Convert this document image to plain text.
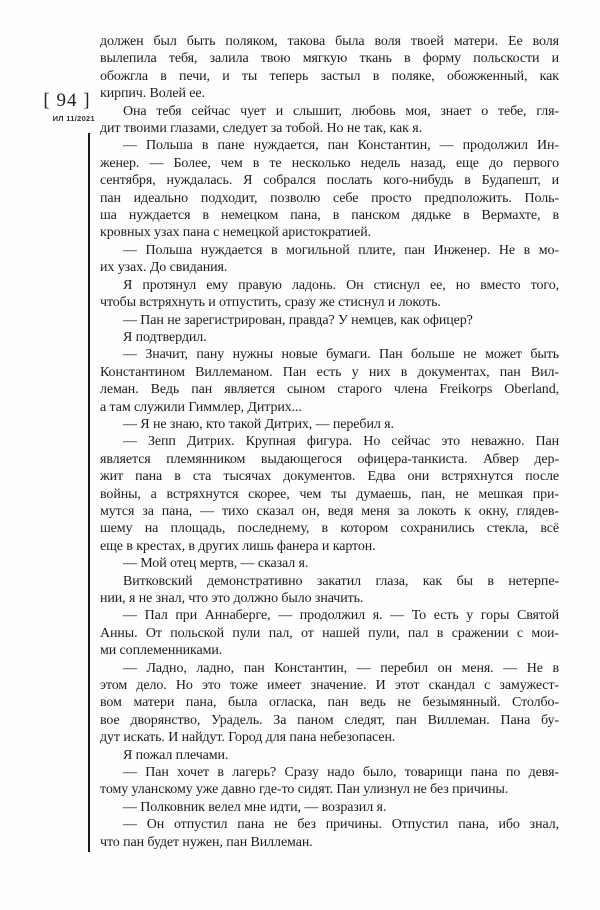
[ 94 ]
ИЛ 11/2021
должен был быть поляком, такова была воля твоей матери. Ее воля
вылепила тебя, залила твою мягкую ткань в форму польскости и
обожгла в печи, и ты теперь застыл в поляке, обожженный, как
кирпич. Волей ее.
Она тебя сейчас чует и слышит, любовь моя, знает о тебе, гля-
дит твоими глазами, следует за тобой. Но не так, как я.
— Польша в пане нуждается, пан Константин, — продолжил Ин-
женер. — Более, чем в те несколько недель назад, еще до первого
сентября, нуждалась. Я собрался послать кого-нибудь в Будапешт, и
пан идеально подходит, позволю себе просто предположить. Поль-
ша нуждается в немецком пана, в панском дядьке в Вермахте, в
кровных узах пана с немецкой аристократией.
— Польша нуждается в могильной плите, пан Инженер. Не в мо-
их узах. До свидания.
Я протянул ему правую ладонь. Он стиснул ее, но вместо того,
чтобы встряхнуть и отпустить, сразу же стиснул и локоть.
— Пан не зарегистрирован, правда? У немцев, как офицер?
Я подтвердил.
— Значит, пану нужны новые бумаги. Пан больше не может быть
Константином Виллеманом. Пан есть у них в документах, пан Вил-
леман. Ведь пан является сыном старого члена Freikorps Oberland,
а там служили Гиммлер, Дитрих...
— Я не знаю, кто такой Дитрих, — перебил я.
— Зепп Дитрих. Крупная фигура. Но сейчас это неважно. Пан
является племянником выдающегося офицера-танкиста. Абвер дер-
жит пана в ста тысячах документов. Едва они встряхнутся после
войны, а встряхнутся скорее, чем ты думаешь, пан, не мешкая при-
мутся за пана, — тихо сказал он, ведя меня за локоть к окну, глядев-
шему на площадь, последнему, в котором сохранились стекла, всё
еще в крестах, в других лишь фанера и картон.
— Мой отец мертв, — сказал я.
Витковский демонстративно закатил глаза, как бы в нетерпе-
нии, я не знал, что это должно было значить.
— Пал при Аннаберге, — продолжил я. — То есть у горы Святой
Анны. От польской пули пал, от нашей пули, пал в сражении с мои-
ми соплеменниками.
— Ладно, ладно, пан Константин, — перебил он меня. — Не в
этом дело. Но это тоже имеет значение. И этот скандал с замужест-
вом матери пана, была огласка, пан ведь не безымянный. Столбо-
вое дворянство, Урадель. За паном следят, пан Виллеман. Пана бу-
дут искать. И найдут. Город для пана небезопасен.
Я пожал плечами.
— Пан хочет в лагерь? Сразу надо было, товарищи пана по девя-
тому уланскому уже давно где-то сидят. Пан улизнул не без причины.
— Полковник велел мне идти, — возразил я.
— Он отпустил пана не без причины. Отпустил пана, ибо знал,
что пан будет нужен, пан Виллеман.
